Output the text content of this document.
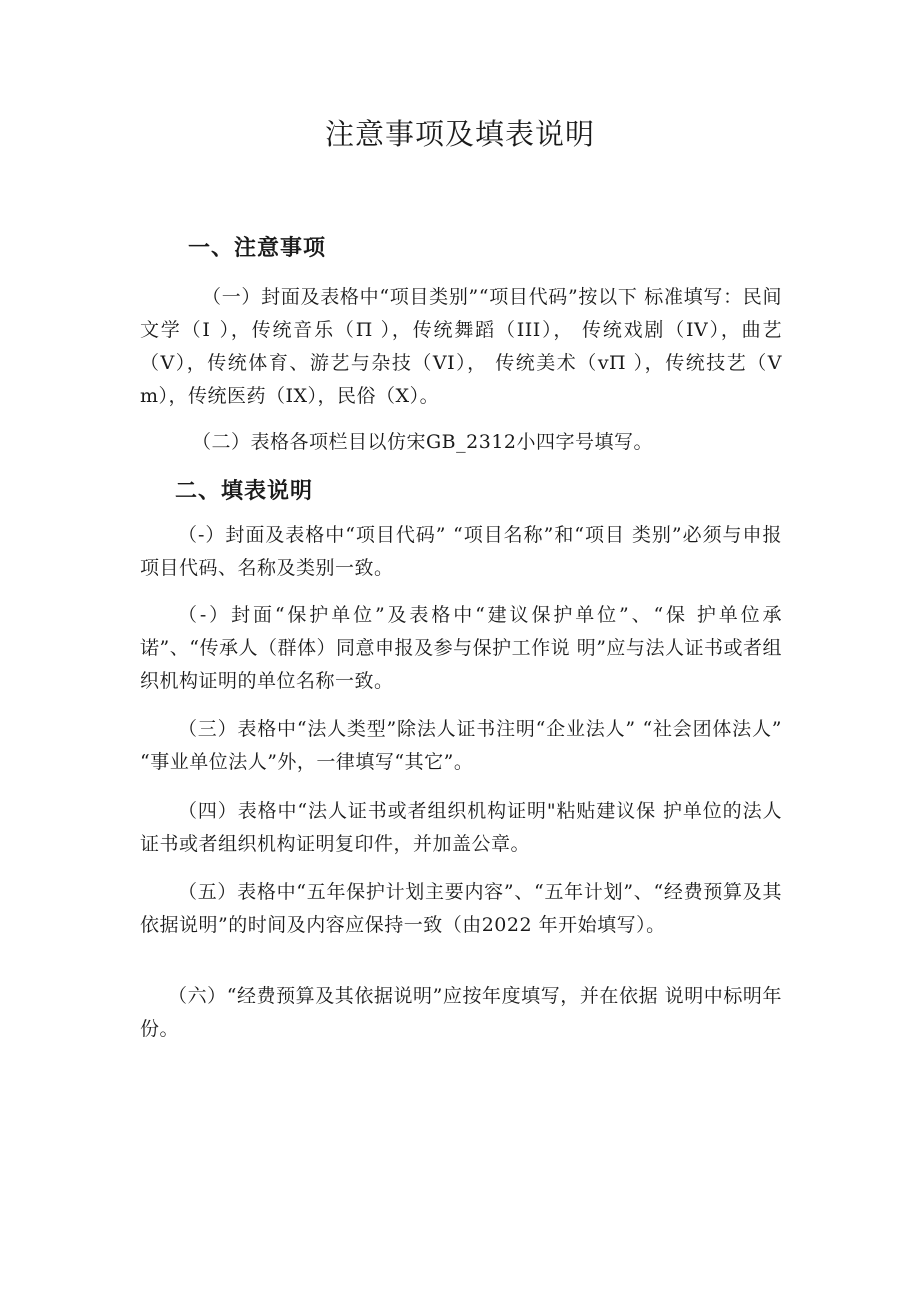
注意事项及填表说明
一、注意事项

（一）封面及表格中“项目类别”“项目代码”按以下 标准填写：民间文学（Ⅰ ），传统音乐（Π ），传统舞蹈（III）， 传统戏剧（IV），曲艺（V），传统体育、游艺与杂技（VI）， 传统美术（vΠ ），传统技艺（Vm），传统医药（IX），民俗（X）。

（二）表格各项栏目以仿宋GB_2312小四字号填写。

二、填表说明

（-）封面及表格中“项目代码” “项目名称”和“项目 类别”必须与申报项目代码、名称及类别一致。

（-）封面“保护单位”及表格中“建议保护单位”、“保 护单位承诺”、“传承人（群体）同意申报及参与保护工作说 明”应与法人证书或者组织机构证明的单位名称一致。

（三）表格中“法人类型”除法人证书注明“企业法人” “社会团体法人” “事业单位法人”外，一律填写“其它”。

（四）表格中“法人证书或者组织机构证明"粘贴建议保 护单位的法人证书或者组织机构证明复印件，并加盖公章。

（五）表格中“五年保护计划主要内容”、“五年计划”、“经费预算及其依据说明”的时间及内容应保持一致（由2022 年开始填写）。

（六）“经费预算及其依据说明”应按年度填写，并在依据 说明中标明年份。
